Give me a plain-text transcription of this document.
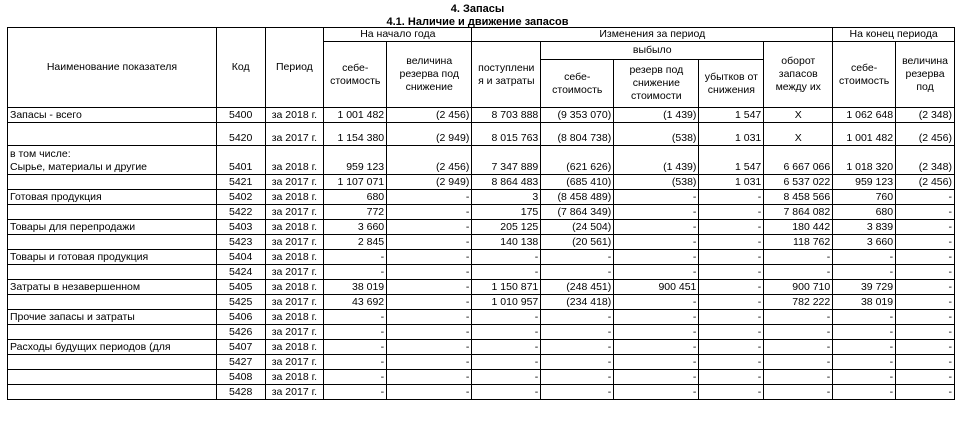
4. Запасы
4.1. Наличие и движение запасов
Наименование показателя	Код	Период	На начало года		Изменения за период					На конец периода	
			себе-стоимость	величина резерва под снижение	поступлени я и затраты	выбыло			оборот запасов между их	себе-стоимость	величина резерва под
						себе-стоимость	резерв под снижение стоимости	убытков от снижения			
Запасы - всего	5400	за 2018 г.	1 001 482	(2 456)	8 703 888	(9 353 070)	(1 439)	1 547	X	1 062 648	(2 348)
	5420	за 2017 г.	1 154 380	(2 949)	8 015 763	(8 804 738)	(538)	1 031	X	1 001 482	(2 456)
в том числе:
Сырье, материалы и другие	5401	за 2018 г.	959 123	(2 456)	7 347 889	(621 626)	(1 439)	1 547	6 667 066	1 018 320	(2 348)
	5421	за 2017 г.	1 107 071	(2 949)	8 864 483	(685 410)	(538)	1 031	6 537 022	959 123	(2 456)
Готовая продукция	5402	за 2018 г.	680	-	3	(8 458 489)	-	-	8 458 566	760	-
	5422	за 2017 г.	772	-	175	(7 864 349)	-	-	7 864 082	680	-
Товары для перепродажи	5403	за 2018 г.	3 660	-	205 125	(24 504)	-	-	180 442	3 839	-
	5423	за 2017 г.	2 845	-	140 138	(20 561)	-	-	118 762	3 660	-
Товары и готовая продукция	5404	за 2018 г.	-	-	-	-	-	-	-	-	-
	5424	за 2017 г.	-	-	-	-	-	-	-	-	-
Затраты в незавершенном	5405	за 2018 г.	38 019	-	1 150 871	(248 451)	900 451	-	900 710	39 729	-
	5425	за 2017 г.	43 692	-	1 010 957	(234 418)	-	-	782 222	38 019	-
Прочие запасы и затраты	5406	за 2018 г.	-	-	-	-	-	-	-	-	-
	5426	за 2017 г.	-	-	-	-	-	-	-	-	-
Расходы будущих периодов (для	5407	за 2018 г.	-	-	-	-	-	-	-	-	-
	5427	за 2017 г.	-	-	-	-	-	-	-	-	-
	5408	за 2018 г.	-	-	-	-	-	-	-	-	-
	5428	за 2017 г.	-	-	-	-	-	-	-	-	-
